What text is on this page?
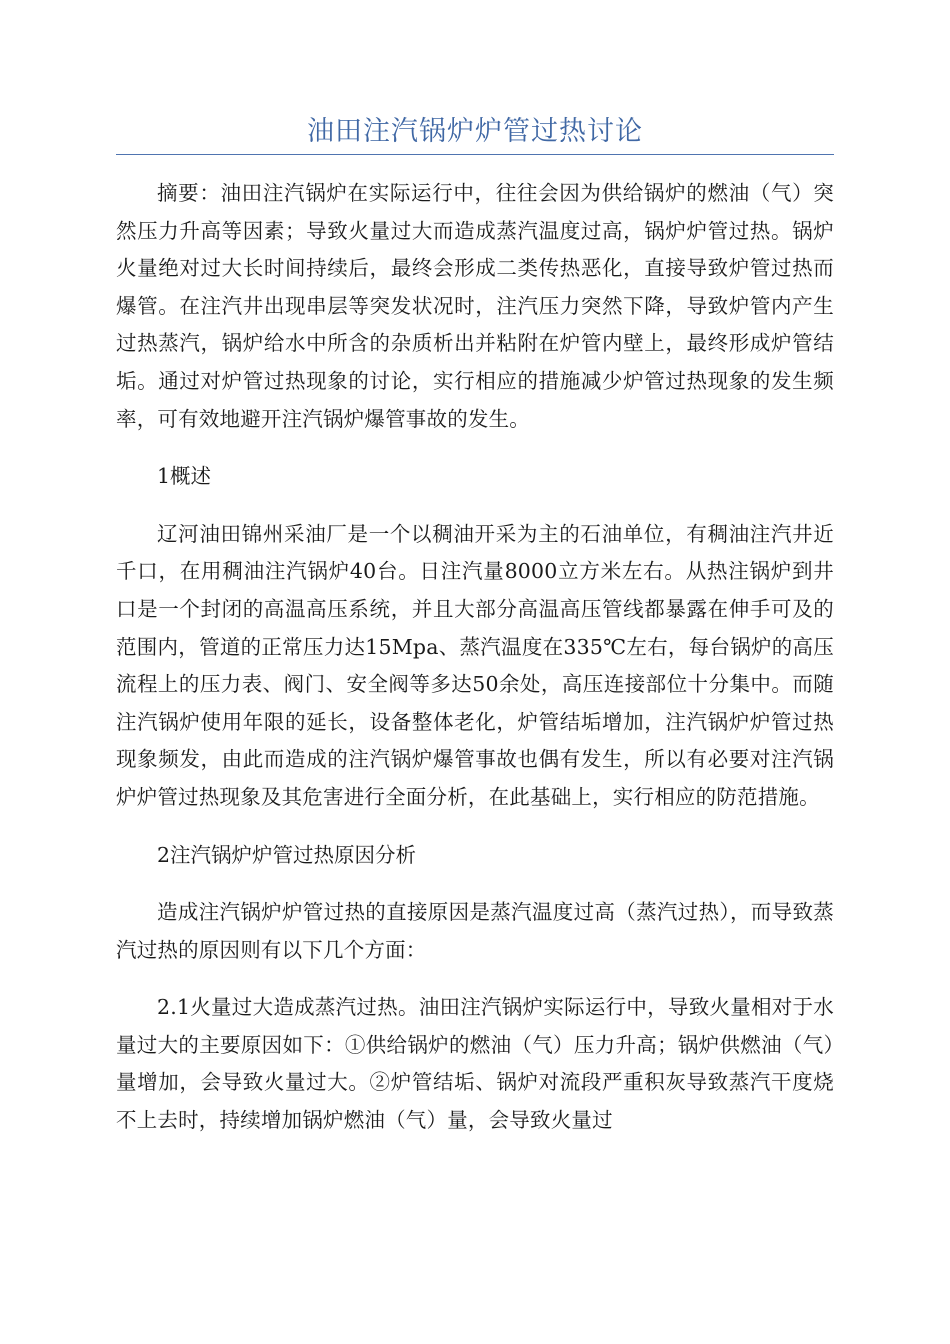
油田注汽锅炉炉管过热讨论

摘要：油田注汽锅炉在实际运行中，往往会因为供给锅炉的燃油（气）突然压力升高等因素；导致火量过大而造成蒸汽温度过高，锅炉炉管过热。锅炉火量绝对过大长时间持续后，最终会形成二类传热恶化，直接导致炉管过热而爆管。在注汽井出现串层等突发状况时，注汽压力突然下降，导致炉管内产生过热蒸汽，锅炉给水中所含的杂质析出并粘附在炉管内壁上，最终形成炉管结垢。通过对炉管过热现象的讨论，实行相应的措施减少炉管过热现象的发生频率，可有效地避开注汽锅炉爆管事故的发生。

1概述

辽河油田锦州采油厂是一个以稠油开采为主的石油单位，有稠油注汽井近千口，在用稠油注汽锅炉40台。日注汽量8000立方米左右。从热注锅炉到井口是一个封闭的高温高压系统，并且大部分高温高压管线都暴露在伸手可及的范围内，管道的正常压力达15Mpa、蒸汽温度在335℃左右，每台锅炉的高压流程上的压力表、阀门、安全阀等多达50余处，高压连接部位十分集中。而随注汽锅炉使用年限的延长，设备整体老化，炉管结垢增加，注汽锅炉炉管过热现象频发，由此而造成的注汽锅炉爆管事故也偶有发生，所以有必要对注汽锅炉炉管过热现象及其危害进行全面分析，在此基础上，实行相应的防范措施。

2注汽锅炉炉管过热原因分析

造成注汽锅炉炉管过热的直接原因是蒸汽温度过高（蒸汽过热），而导致蒸汽过热的原因则有以下几个方面：

2.1火量过大造成蒸汽过热。油田注汽锅炉实际运行中，导致火量相对于水量过大的主要原因如下：①供给锅炉的燃油（气）压力升高；锅炉供燃油（气）量增加，会导致火量过大。②炉管结垢、锅炉对流段严重积灰导致蒸汽干度烧不上去时，持续增加锅炉燃油（气）量，会导致火量过
